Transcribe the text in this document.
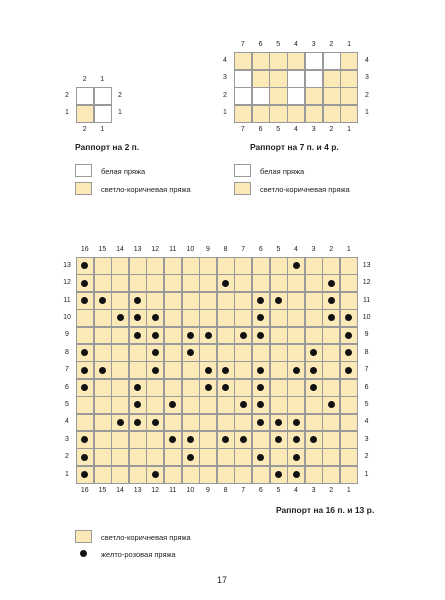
Раппорт на 2 п.	Раппорт на 7 п. и 4 р.
белая пряжа
светло-коричневая пряжа
белая пряжа
светло-коричневая пряжа
Раппорт на 16 п. и 13 р.
светло-коричневая пряжа
желто-розовая пряжа
17
2
2
1
1
2	2
1	1
7
7
6
6
5
5
4
4
3
3
2
2
1
1
4	4
3	3
2	2
1	1
16
16
15
15
14
14
13
13
12
12
11
11
10
10
9
9
8
8
7
7
6
6
5
5
4
4
3
3
2
2
1
1
13	13
12	12
11	11
10	10
9	9
8	8
7	7
6	6
5	5
4	4
3	3
2	2
1	1
